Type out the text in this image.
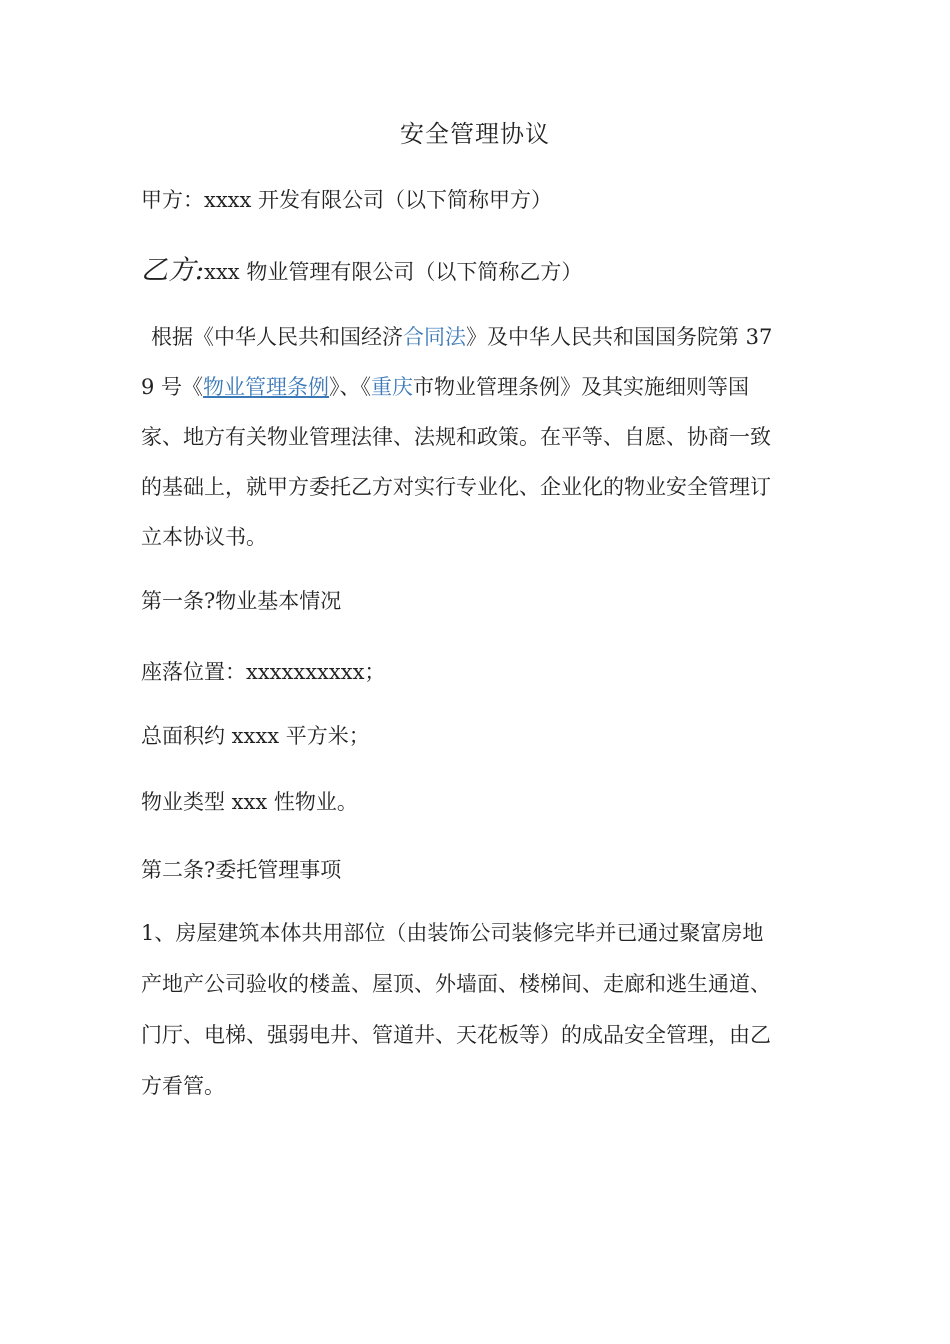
安全管理协议
甲方：xxxx 开发有限公司（以下简称甲方）
乙方:xxx 物业管理有限公司（以下简称乙方）
根据《中华人民共和国经济合同法》及中华人民共和国国务院第 37
9 号《物业管理条例》、《重庆市物业管理条例》及其实施细则等国
家、地方有关物业管理法律、法规和政策。在平等、自愿、协商一致
的基础上，就甲方委托乙方对实行专业化、企业化的物业安全管理订
立本协议书。
第一条?物业基本情况
座落位置：xxxxxxxxxx；
总面积约 xxxx 平方米；
物业类型 xxx 性物业。
第二条?委托管理事项
1、房屋建筑本体共用部位（由装饰公司装修完毕并已通过聚富房地
产地产公司验收的楼盖、屋顶、外墙面、楼梯间、走廊和逃生通道、
门厅、电梯、强弱电井、管道井、天花板等）的成品安全管理，由乙
方看管。
